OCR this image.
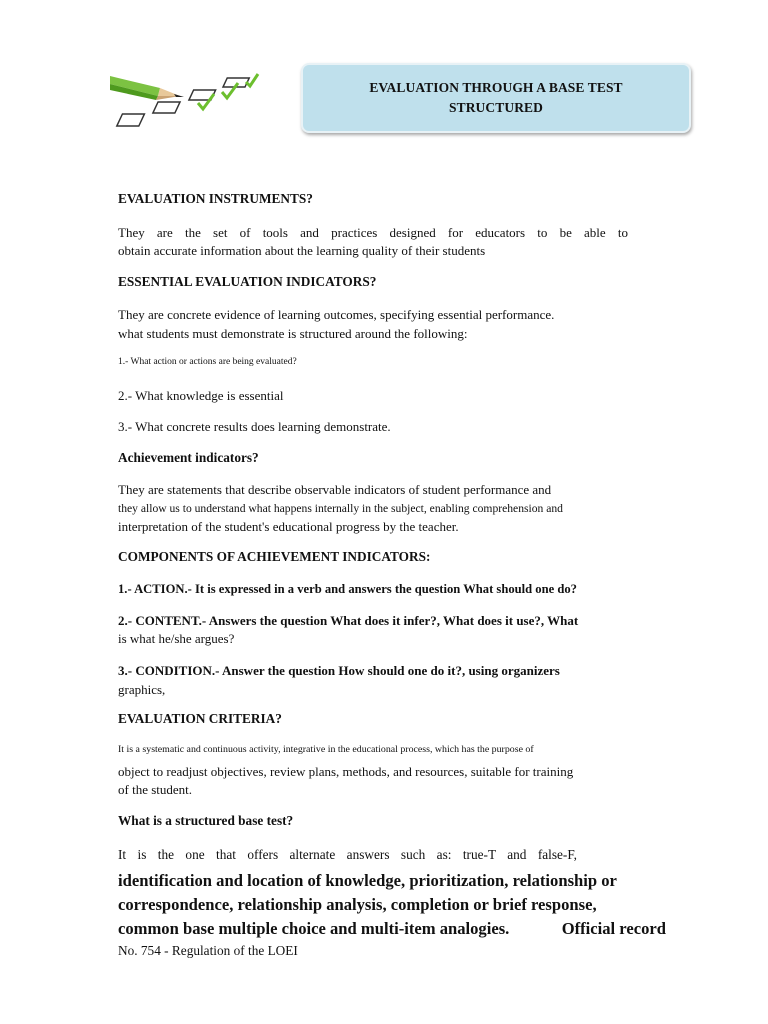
EVALUATION THROUGH A BASE TEST
STRUCTURED
EVALUATION INSTRUMENTS?
They are the set of tools and practices designed for educators to be able to
obtain accurate information about the learning quality of their students
ESSENTIAL EVALUATION INDICATORS?
They are concrete evidence of learning outcomes, specifying essential performance.
what students must demonstrate is structured around the following:
1.- What action or actions are being evaluated?
2.- What knowledge is essential
3.- What concrete results does learning demonstrate.
Achievement indicators?
They are statements that describe observable indicators of student performance and
they allow us to understand what happens internally in the subject, enabling comprehension and
interpretation of the student's educational progress by the teacher.
COMPONENTS OF ACHIEVEMENT INDICATORS:
1.- ACTION.- It is expressed in a verb and answers the question What should one do?
2.- CONTENT.- Answers the question What does it infer?, What does it use?, What
is what he/she argues?
3.- CONDITION.- Answer the question How should one do it?, using organizers
graphics,
EVALUATION CRITERIA?
It is a systematic and continuous activity, integrative in the educational process, which has the purpose of
object to readjust objectives, review plans, methods, and resources, suitable for training
of the student.
What is a structured base test?
It is the one that offers alternate answers such as: true-T and false-F,
identification and location of knowledge, prioritization, relationship or
correspondence, relationship analysis, completion or brief response,
common base multiple choice and multi-item analogies.	Official record
No. 754 - Regulation of the LOEI
